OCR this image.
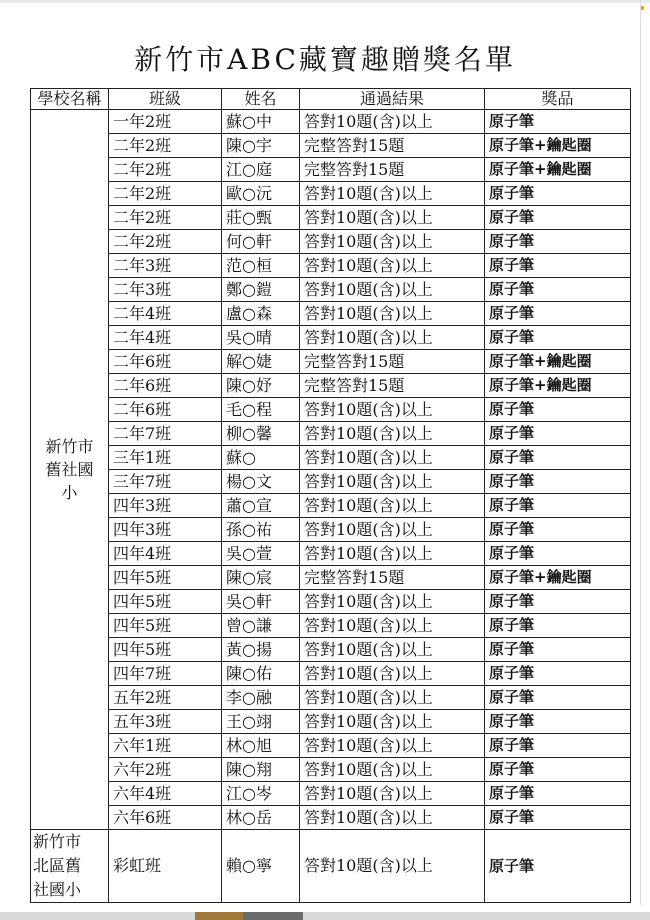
新竹市ABC藏寶趣贈獎名單
學校名稱	班級	姓名	通過結果	獎品

新竹市
舊社國
小	一年2班	蘇○中	答對10題(含)以上	原子筆
	二年2班	陳○宇	完整答對15題	原子筆+鑰匙圈
	二年2班	江○庭	完整答對15題	原子筆+鑰匙圈
	二年2班	歐○沅	答對10題(含)以上	原子筆
	二年2班	莊○甄	答對10題(含)以上	原子筆
	二年2班	何○軒	答對10題(含)以上	原子筆
	二年3班	范○桓	答對10題(含)以上	原子筆
	二年3班	鄭○鎧	答對10題(含)以上	原子筆
	二年4班	盧○森	答對10題(含)以上	原子筆
	二年4班	吳○晴	答對10題(含)以上	原子筆
	二年6班	解○婕	完整答對15題	原子筆+鑰匙圈
	二年6班	陳○妤	完整答對15題	原子筆+鑰匙圈
	二年6班	毛○程	答對10題(含)以上	原子筆
	二年7班	柳○馨	答對10題(含)以上	原子筆
	三年1班	蘇○	答對10題(含)以上	原子筆
	三年7班	楊○文	答對10題(含)以上	原子筆
	四年3班	蕭○宣	答對10題(含)以上	原子筆
	四年3班	孫○祐	答對10題(含)以上	原子筆
	四年4班	吳○萱	答對10題(含)以上	原子筆
	四年5班	陳○宸	完整答對15題	原子筆+鑰匙圈
	四年5班	吳○軒	答對10題(含)以上	原子筆
	四年5班	曾○謙	答對10題(含)以上	原子筆
	四年5班	黃○揚	答對10題(含)以上	原子筆
	四年7班	陳○佑	答對10題(含)以上	原子筆
	五年2班	李○融	答對10題(含)以上	原子筆
	五年3班	王○翊	答對10題(含)以上	原子筆
	六年1班	林○旭	答對10題(含)以上	原子筆
	六年2班	陳○翔	答對10題(含)以上	原子筆
	六年4班	江○岑	答對10題(含)以上	原子筆
	六年6班	林○岳	答對10題(含)以上	原子筆

新竹市
北區舊
社國小	彩虹班	賴○寧	答對10題(含)以上	原子筆
